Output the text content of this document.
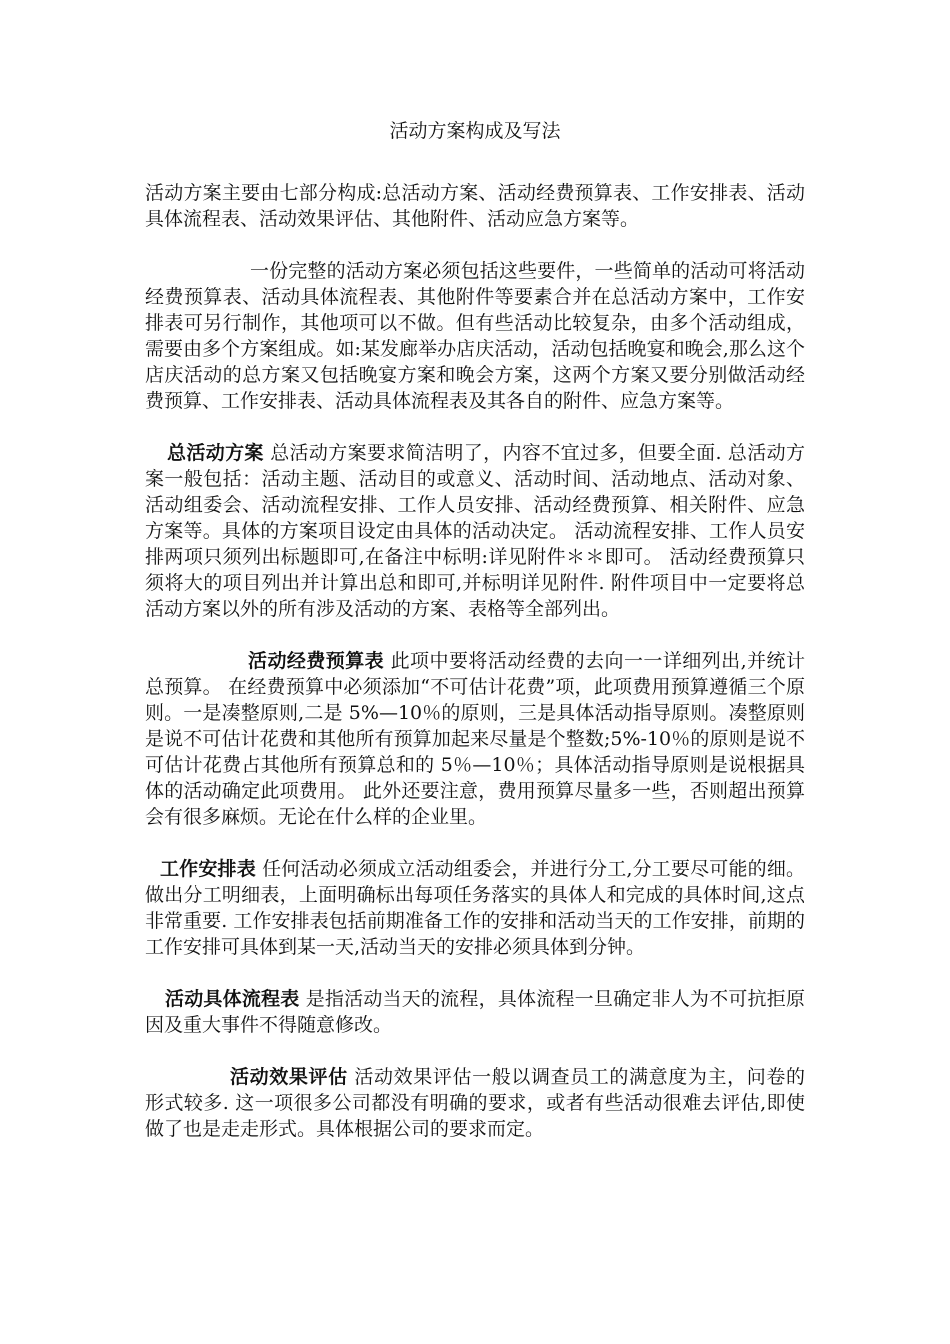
活动方案构成及写法

活动方案主要由七部分构成:总活动方案、活动经费预算表、工作安排表、活动具体流程表、活动效果评估、其他附件、活动应急方案等。

一份完整的活动方案必须包括这些要件，一些简单的活动可将活动经费预算表、活动具体流程表、其他附件等要素合并在总活动方案中，工作安排表可另行制作，其他项可以不做。但有些活动比较复杂，由多个活动组成，需要由多个方案组成。如:某发廊举办店庆活动，活动包括晚宴和晚会,那么这个店庆活动的总方案又包括晚宴方案和晚会方案，这两个方案又要分别做活动经费预算、工作安排表、活动具体流程表及其各自的附件、应急方案等。

总活动方案 总活动方案要求简洁明了，内容不宜过多，但要全面. 总活动方案一般包括：活动主题、活动目的或意义、活动时间、活动地点、活动对象、活动组委会、活动流程安排、工作人员安排、活动经费预算、相关附件、应急方案等。具体的方案项目设定由具体的活动决定。 活动流程安排、工作人员安排两项只须列出标题即可,在备注中标明:详见附件＊＊即可。 活动经费预算只须将大的项目列出并计算出总和即可,并标明详见附件. 附件项目中一定要将总活动方案以外的所有涉及活动的方案、表格等全部列出。

活动经费预算表 此项中要将活动经费的去向一一详细列出,并统计总预算。 在经费预算中必须添加“不可估计花费”项，此项费用预算遵循三个原则。一是凑整原则,二是 5%—10％的原则，三是具体活动指导原则。凑整原则是说不可估计花费和其他所有预算加起来尽量是个整数;5%-10％的原则是说不可估计花费占其他所有预算总和的 5％—10％；具体活动指导原则是说根据具体的活动确定此项费用。 此外还要注意，费用预算尽量多一些，否则超出预算会有很多麻烦。无论在什么样的企业里。

工作安排表 任何活动必须成立活动组委会，并进行分工,分工要尽可能的细。 做出分工明细表，上面明确标出每项任务落实的具体人和完成的具体时间,这点非常重要. 工作安排表包括前期准备工作的安排和活动当天的工作安排，前期的工作安排可具体到某一天,活动当天的安排必须具体到分钟。

活动具体流程表 是指活动当天的流程，具体流程一旦确定非人为不可抗拒原因及重大事件不得随意修改。

活动效果评估 活动效果评估一般以调查员工的满意度为主，问卷的形式较多. 这一项很多公司都没有明确的要求，或者有些活动很难去评估,即使做了也是走走形式。具体根据公司的要求而定。
